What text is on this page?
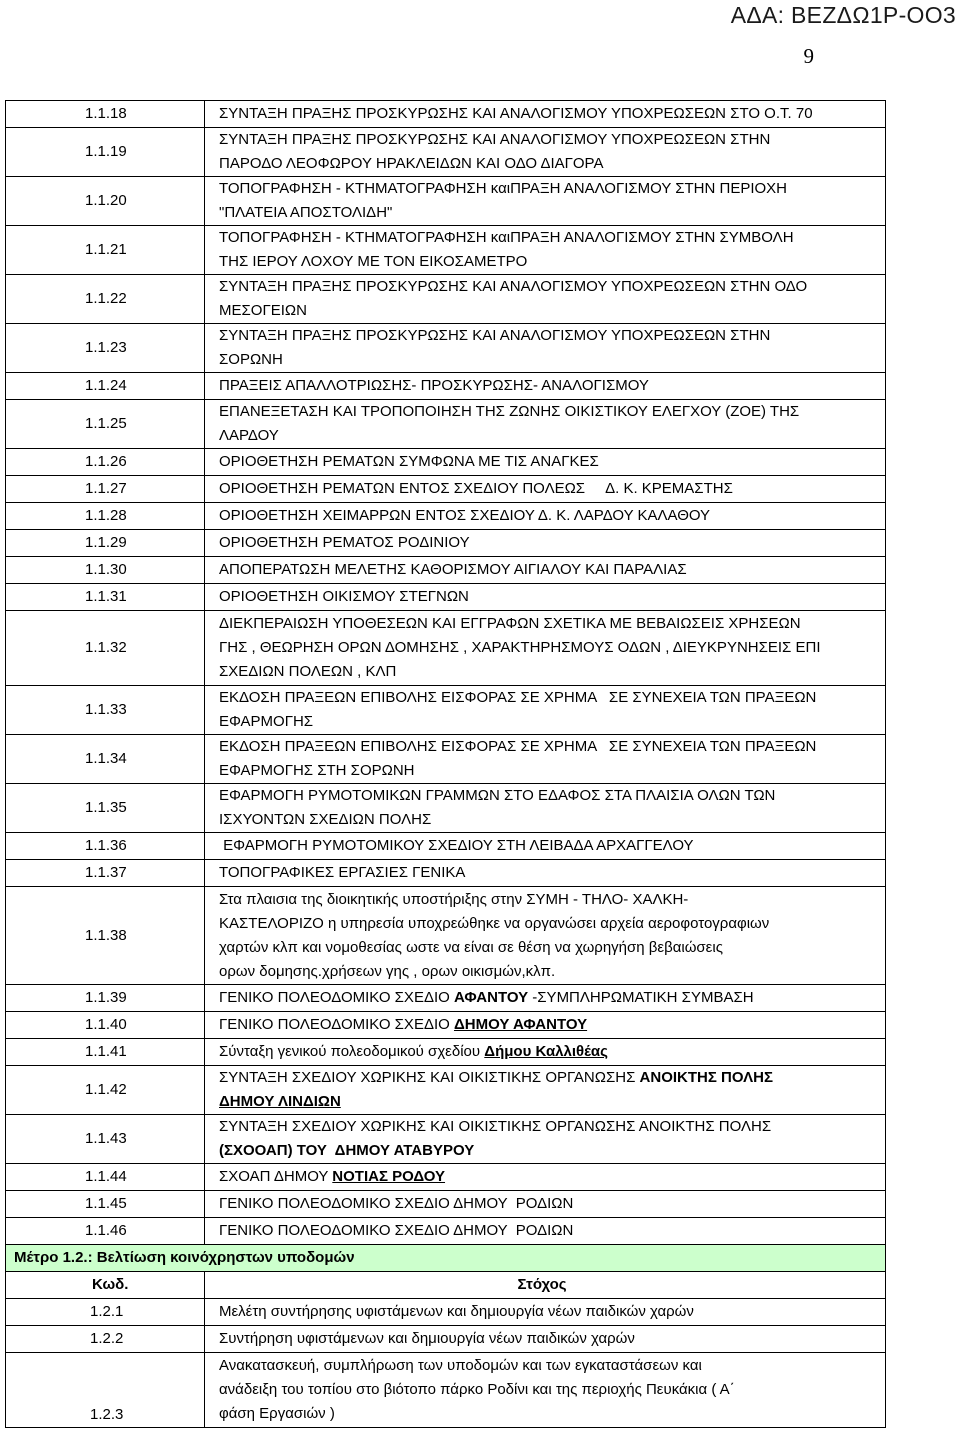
ΑΔΑ: ΒΕΖΔΩ1Ρ-ΟΟ3
9
1.1.18	ΣΥΝΤΑΞΗ ΠΡΑΞΗΣ ΠΡΟΣΚΥΡΩΣΗΣ ΚΑΙ ΑΝΑΛΟΓΙΣΜΟΥ ΥΠΟΧΡΕΩΣΕΩΝ ΣΤΟ Ο.Τ. 70
1.1.19	ΣΥΝΤΑΞΗ ΠΡΑΞΗΣ ΠΡΟΣΚΥΡΩΣΗΣ ΚΑΙ ΑΝΑΛΟΓΙΣΜΟΥ ΥΠΟΧΡΕΩΣΕΩΝ ΣΤΗΝ
ΠΑΡΟΔΟ ΛΕΟΦΩΡΟΥ ΗΡΑΚΛΕΙΔΩΝ ΚΑΙ ΟΔΟ ΔΙΑΓΟΡΑ
1.1.20	ΤΟΠΟΓΡΑΦΗΣΗ - ΚΤΗΜΑΤΟΓΡΑΦΗΣΗ καιΠΡΑΞΗ ΑΝΑΛΟΓΙΣΜΟΥ ΣΤΗΝ ΠΕΡΙΟΧΗ
"ΠΛΑΤΕΙΑ ΑΠΟΣΤΟΛΙΔΗ"
1.1.21	ΤΟΠΟΓΡΑΦΗΣΗ - ΚΤΗΜΑΤΟΓΡΑΦΗΣΗ καιΠΡΑΞΗ ΑΝΑΛΟΓΙΣΜΟΥ ΣΤΗΝ ΣΥΜΒΟΛΗ
ΤΗΣ ΙΕΡΟΥ ΛΟΧΟΥ ΜΕ ΤΟΝ ΕΙΚΟΣΑΜΕΤΡΟ
1.1.22	ΣΥΝΤΑΞΗ ΠΡΑΞΗΣ ΠΡΟΣΚΥΡΩΣΗΣ ΚΑΙ ΑΝΑΛΟΓΙΣΜΟΥ ΥΠΟΧΡΕΩΣΕΩΝ ΣΤΗΝ ΟΔΟ
ΜΕΣΟΓΕΙΩΝ
1.1.23	ΣΥΝΤΑΞΗ ΠΡΑΞΗΣ ΠΡΟΣΚΥΡΩΣΗΣ ΚΑΙ ΑΝΑΛΟΓΙΣΜΟΥ ΥΠΟΧΡΕΩΣΕΩΝ ΣΤΗΝ
ΣΟΡΩΝΗ
1.1.24	ΠΡΑΞΕΙΣ ΑΠΑΛΛΟΤΡΙΩΣΗΣ- ΠΡΟΣΚΥΡΩΣΗΣ- ΑΝΑΛΟΓΙΣΜΟΥ
1.1.25	ΕΠΑΝΕΞΕΤΑΣΗ ΚΑΙ ΤΡΟΠΟΠΟΙΗΣΗ ΤΗΣ ΖΩΝΗΣ ΟΙΚΙΣΤΙΚΟΥ ΕΛΕΓΧΟΥ (ΖΟΕ) ΤΗΣ
ΛΑΡΔΟΥ
1.1.26	ΟΡΙΟΘΕΤΗΣΗ ΡΕΜΑΤΩΝ ΣΥΜΦΩΝΑ ΜΕ ΤΙΣ ΑΝΑΓΚΕΣ
1.1.27	ΟΡΙΟΘΕΤΗΣΗ ΡΕΜΑΤΩΝ ΕΝΤΟΣ ΣΧΕΔΙΟΥ ΠΟΛΕΩΣ     Δ. Κ. ΚΡΕΜΑΣΤΗΣ
1.1.28	ΟΡΙΟΘΕΤΗΣΗ ΧΕΙΜΑΡΡΩΝ ΕΝΤΟΣ ΣΧΕΔΙΟΥ Δ. Κ. ΛΑΡΔΟΥ ΚΑΛΑΘΟΥ
1.1.29	ΟΡΙΟΘΕΤΗΣΗ ΡΕΜΑΤΟΣ ΡΟΔΙΝΙΟΥ
1.1.30	ΑΠΟΠΕΡΑΤΩΣΗ ΜΕΛΕΤΗΣ ΚΑΘΟΡΙΣΜΟΥ ΑΙΓΙΑΛΟΥ ΚΑΙ ΠΑΡΑΛΙΑΣ
1.1.31	ΟΡΙΟΘΕΤΗΣΗ ΟΙΚΙΣΜΟΥ ΣΤΕΓΝΩΝ
1.1.32	ΔΙΕΚΠΕΡΑΙΩΣΗ ΥΠΟΘΕΣΕΩΝ ΚΑΙ ΕΓΓΡΑΦΩΝ ΣΧΕΤΙΚΑ ΜΕ ΒΕΒΑΙΩΣΕΙΣ ΧΡΗΣΕΩΝ
ΓΗΣ , ΘΕΩΡΗΣΗ ΟΡΩΝ ΔΟΜΗΣΗΣ , ΧΑΡΑΚΤΗΡΗΣΜΟΥΣ ΟΔΩΝ , ΔΙΕΥΚΡΥΝΗΣΕΙΣ ΕΠΙ
ΣΧΕΔΙΩΝ ΠΟΛΕΩΝ , ΚΛΠ
1.1.33	ΕΚΔΟΣΗ ΠΡΑΞΕΩΝ ΕΠΙΒΟΛΗΣ ΕΙΣΦΟΡΑΣ ΣΕ ΧΡΗΜΑ   ΣΕ ΣΥΝΕΧΕΙΑ ΤΩΝ ΠΡΑΞΕΩΝ
ΕΦΑΡΜΟΓΗΣ
1.1.34	ΕΚΔΟΣΗ ΠΡΑΞΕΩΝ ΕΠΙΒΟΛΗΣ ΕΙΣΦΟΡΑΣ ΣΕ ΧΡΗΜΑ   ΣΕ ΣΥΝΕΧΕΙΑ ΤΩΝ ΠΡΑΞΕΩΝ
ΕΦΑΡΜΟΓΗΣ ΣΤΗ ΣΟΡΩΝΗ
1.1.35	ΕΦΑΡΜΟΓΗ ΡΥΜΟΤΟΜΙΚΩΝ ΓΡΑΜΜΩΝ ΣΤΟ ΕΔΑΦΟΣ ΣΤΑ ΠΛΑΙΣΙΑ ΟΛΩΝ ΤΩΝ
ΙΣΧΥΟΝΤΩΝ ΣΧΕΔΙΩΝ ΠΟΛΗΣ
1.1.36	ΕΦΑΡΜΟΓΗ ΡΥΜΟΤΟΜΙΚΟΥ ΣΧΕΔΙΟΥ ΣΤΗ ΛΕΙΒΑΔΑ ΑΡΧΑΓΓΕΛΟΥ
1.1.37	ΤΟΠΟΓΡΑΦΙΚΕΣ ΕΡΓΑΣΙΕΣ ΓΕΝΙΚΑ
1.1.38	Στα πλαισια της διοικητικής υποστήριξης στην ΣΥΜΗ - ΤΗΛΟ- ΧΑΛΚΗ-
ΚΑΣΤΕΛΟΡΙΖΟ η υπηρεσία υποχρεώθηκε να οργανώσει αρχεία αεροφοτογραφιων
χαρτών κλπ και νομοθεσίας ωστε να είναι σε θέση να χωρηγήση βεβαιώσεις
ορων δομησης.χρήσεων γης , ορων οικισμών,κλπ.
1.1.39	ΓΕΝΙΚΟ ΠΟΛΕΟΔΟΜΙΚΟ ΣΧΕΔΙΟ ΑΦΑΝΤΟΥ -ΣΥΜΠΛΗΡΩΜΑΤΙΚΗ ΣΥΜΒΑΣΗ
1.1.40	ΓΕΝΙΚΟ ΠΟΛΕΟΔΟΜΙΚΟ ΣΧΕΔΙΟ ΔΗΜΟΥ ΑΦΑΝΤΟΥ
1.1.41	Σύνταξη γενικού πολεοδομικού σχεδίου Δήμου Καλλιθέας
1.1.42	ΣΥΝΤΑΞΗ ΣΧΕΔΙΟΥ ΧΩΡΙΚΗΣ ΚΑΙ ΟΙΚΙΣΤΙΚΗΣ ΟΡΓΑΝΩΣΗΣ ΑΝΟΙΚΤΗΣ ΠΟΛΗΣ
ΔΗΜΟΥ ΛΙΝΔΙΩΝ
1.1.43	ΣΥΝΤΑΞΗ ΣΧΕΔΙΟΥ ΧΩΡΙΚΗΣ ΚΑΙ ΟΙΚΙΣΤΙΚΗΣ ΟΡΓΑΝΩΣΗΣ ΑΝΟΙΚΤΗΣ ΠΟΛΗΣ
(ΣΧΟΟΑΠ) ΤΟΥ  ΔΗΜΟΥ ΑΤΑΒΥΡΟΥ
1.1.44	ΣΧΟΑΠ ΔΗΜΟΥ ΝΟΤΙΑΣ ΡΟΔΟΥ
1.1.45	ΓΕΝΙΚΟ ΠΟΛΕΟΔΟΜΙΚΟ ΣΧΕΔΙΟ ΔΗΜΟΥ  ΡΟΔΙΩΝ
1.1.46	ΓΕΝΙΚΟ ΠΟΛΕΟΔΟΜΙΚΟ ΣΧΕΔΙΟ ΔΗΜΟΥ  ΡΟΔΙΩΝ
Μέτρο 1.2.: Βελτίωση κοινόχρηστων υποδομών	
Κωδ.	Στόχος
1.2.1	Μελέτη συντήρησης υφιστάμενων και δημιουργία νέων παιδικών χαρών
1.2.2	Συντήρηση υφιστάμενων και δημιουργία νέων παιδικών χαρών
1.2.3	Ανακατασκευή, συμπλήρωση των υποδομών και των εγκαταστάσεων και
ανάδειξη του τοπίου στο βιότοπο πάρκο Ροδίνι και της περιοχής Πευκάκια ( Α΄
φάση Εργασιών )
